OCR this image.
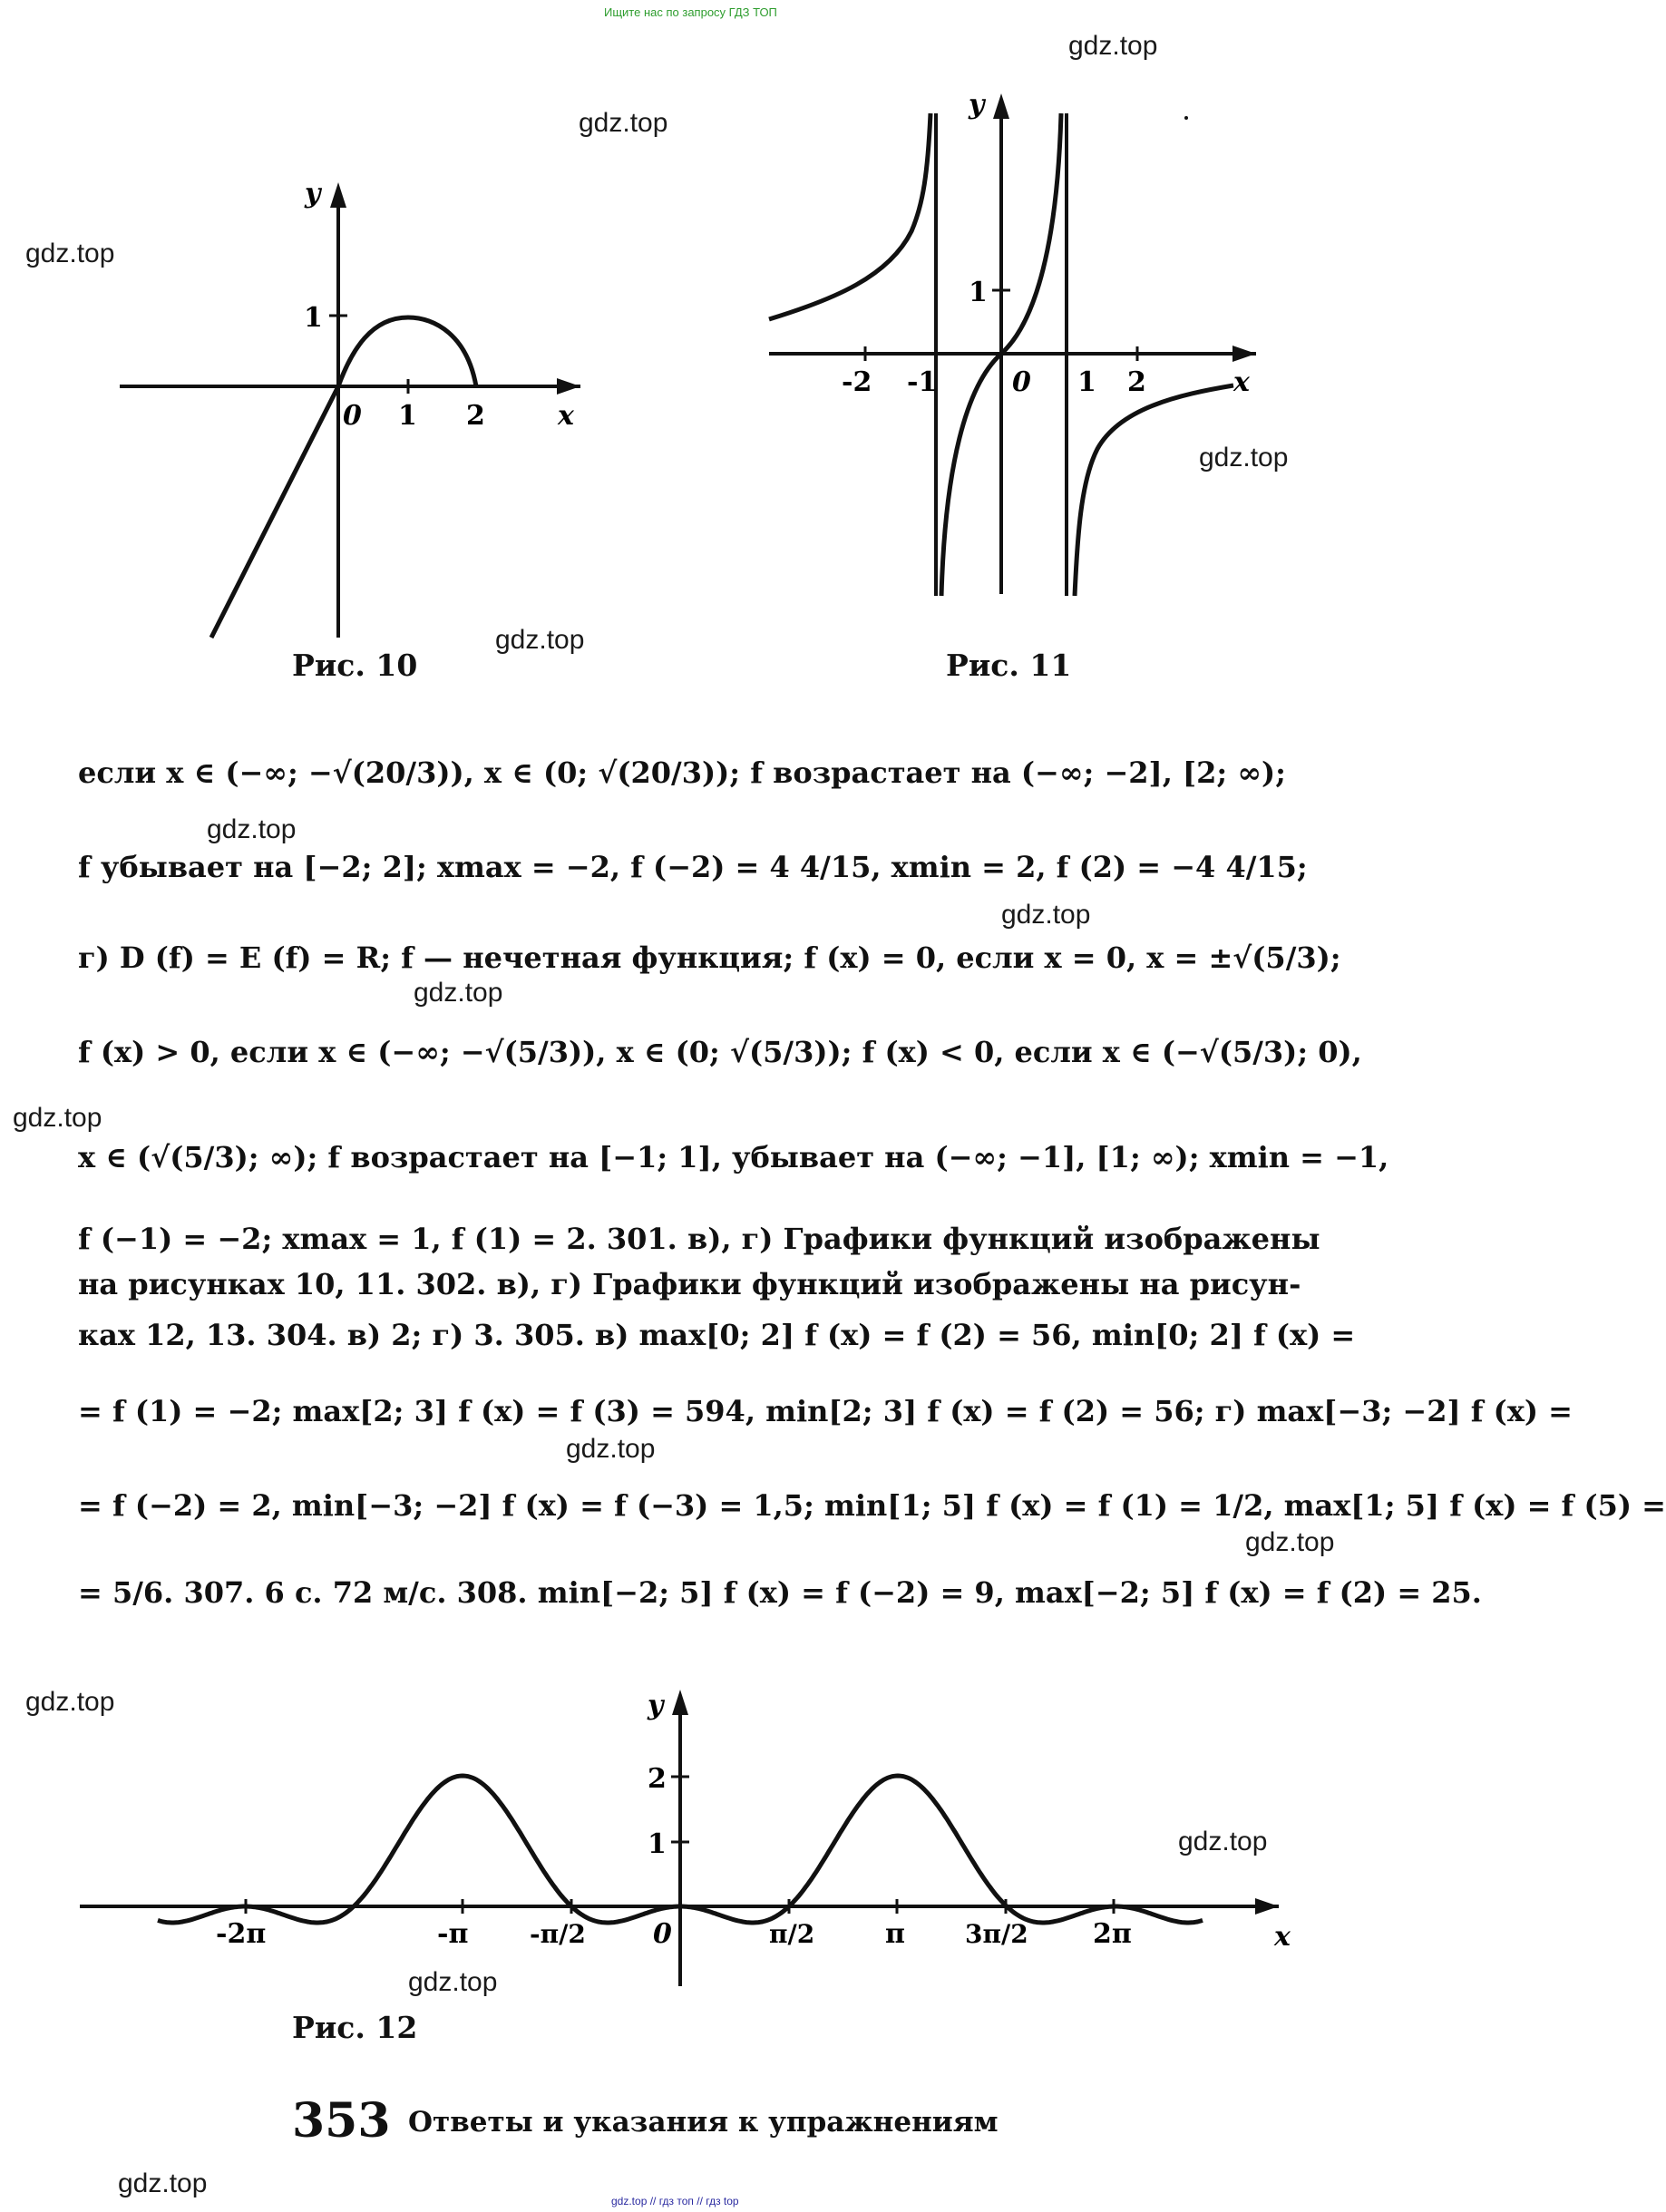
Ищите нас по запросу ГДЗ ТОП
gdz.top
gdz.top
gdz.top
gdz.top
gdz.top
gdz.top
gdz.top
gdz.top
gdz.top
gdz.top
gdz.top
gdz.top
gdz.top
gdz.top
gdz.top
y
x
0 1 2
1
Рис. 10
y
x
-2 -1	0 1 2
1
Рис. 11
если x ∈ (−∞; −√(20/3)), x ∈ (0; √(20/3)); f возрастает на (−∞; −2], [2; ∞);
f убывает на [−2; 2]; xmax = −2, f (−2) = 4 4/15, xmin = 2, f (2) = −4 4/15;
г) D (f) = E (f) = R; f — нечетная функция; f (x) = 0, если x = 0, x = ±√(5/3);
f (x) > 0, если x ∈ (−∞; −√(5/3)), x ∈ (0; √(5/3)); f (x) < 0, если x ∈ (−√(5/3); 0),
x ∈ (√(5/3); ∞); f возрастает на [−1; 1], убывает на (−∞; −1], [1; ∞); xmin = −1,
f (−1) = −2; xmax = 1, f (1) = 2. 301. в), г) Графики функций изображены
на рисунках 10, 11. 302. в), г) Графики функций изображены на рисун-
ках 12, 13. 304. в) 2; г) 3. 305. в) max[0; 2] f (x) = f (2) = 56, min[0; 2] f (x) =
= f (1) = −2; max[2; 3] f (x) = f (3) = 594, min[2; 3] f (x) = f (2) = 56; г) max[−3; −2] f (x) =
= f (−2) = 2, min[−3; −2] f (x) = f (−3) = 1,5; min[1; 5] f (x) = f (1) = 1/2, max[1; 5] f (x) = f (5) =
= 5/6. 307. 6 с. 72 м/с. 308. min[−2; 5] f (x) = f (−2) = 9, max[−2; 5] f (x) = f (2) = 25.
y
x
1
2
-2π	-π -π/2 0	π/2	π 3π/2 2π
Рис. 12
353 Ответы и указания к упражнениям
gdz.top // гдз топ // гдз top
